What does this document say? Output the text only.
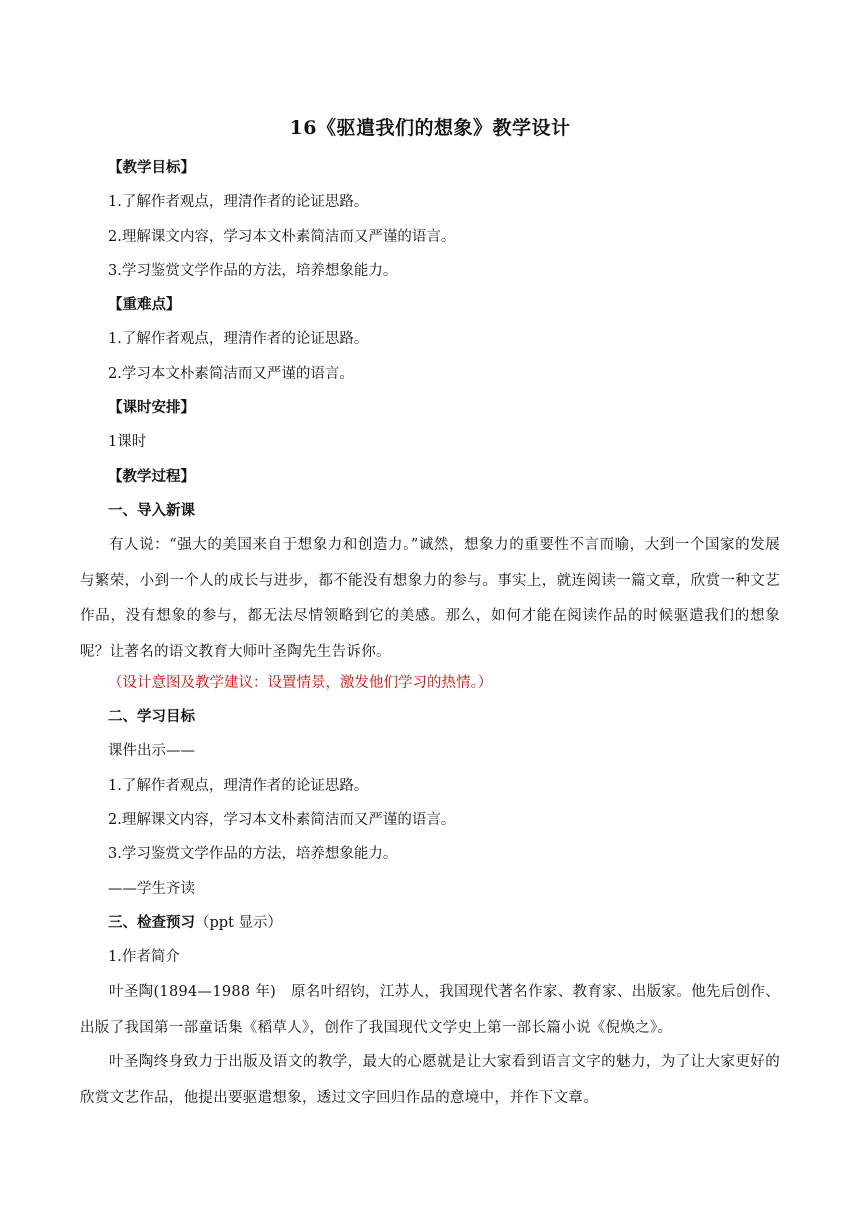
16《驱遣我们的想象》教学设计
【教学目标】
1.了解作者观点，理清作者的论证思路。
2.理解课文内容，学习本文朴素简洁而又严谨的语言。
3.学习鉴赏文学作品的方法，培养想象能力。
【重难点】
1.了解作者观点，理清作者的论证思路。
2.学习本文朴素简洁而又严谨的语言。
【课时安排】
1课时
【教学过程】
一、导入新课
有人说：“强大的美国来自于想象力和创造力。”诚然，想象力的重要性不言而喻，大到一个国家的发展与繁荣，小到一个人的成长与进步，都不能没有想象力的参与。事实上，就连阅读一篇文章，欣赏一种文艺作品，没有想象的参与，都无法尽情领略到它的美感。那么，如何才能在阅读作品的时候驱遣我们的想象呢？让著名的语文教育大师叶圣陶先生告诉你。
（设计意图及教学建议：设置情景，激发他们学习的热情。）
二、学习目标
课件出示——
1.了解作者观点，理清作者的论证思路。
2.理解课文内容，学习本文朴素简洁而又严谨的语言。
3.学习鉴赏文学作品的方法，培养想象能力。
——学生齐读
三、检查预习（ppt 显示）
1.作者简介
叶圣陶(1894—1988 年)　原名叶绍钧，江苏人，我国现代著名作家、教育家、出版家。他先后创作、出版了我国第一部童话集《稻草人》，创作了我国现代文学史上第一部长篇小说《倪焕之》。
叶圣陶终身致力于出版及语文的教学，最大的心愿就是让大家看到语言文字的魅力，为了让大家更好的欣赏文艺作品，他提出要驱遣想象，透过文字回归作品的意境中，并作下文章。
